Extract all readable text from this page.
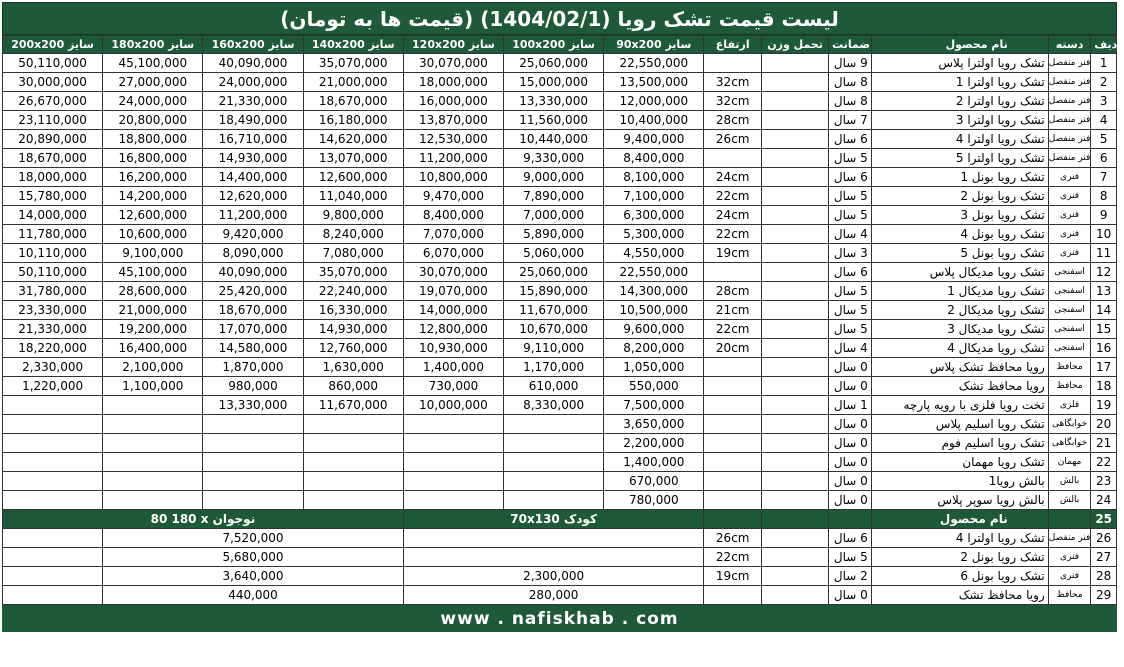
لیست قیمت تشک رویا (1404/02/1) (قیمت ها به تومان)
200x200 سایز	180x200 سایز	160x200 سایز	140x200 سایز	120x200 سایز	100x200 سایز	90x200 سایز	ارتفاع	تحمل وزن	ضمانت	نام محصول	دسته	ردیف
50,110,000	45,100,000	40,090,000	35,070,000	30,070,000	25,060,000	22,550,000			9 سال	تشک رویا اولترا پلاس	فنر منفصل	1
30,000,000	27,000,000	24,000,000	21,000,000	18,000,000	15,000,000	13,500,000	32cm		8 سال	تشک رویا اولترا 1	فنر منفصل	2
26,670,000	24,000,000	21,330,000	18,670,000	16,000,000	13,330,000	12,000,000	32cm		8 سال	تشک رویا اولترا 2	فنر منفصل	3
23,110,000	20,800,000	18,490,000	16,180,000	13,870,000	11,560,000	10,400,000	28cm		7 سال	تشک رویا اولترا 3	فنر منفصل	4
20,890,000	18,800,000	16,710,000	14,620,000	12,530,000	10,440,000	9,400,000	26cm		6 سال	تشک رویا اولترا 4	فنر منفصل	5
18,670,000	16,800,000	14,930,000	13,070,000	11,200,000	9,330,000	8,400,000			5 سال	تشک رویا اولترا 5	فنر منفصل	6
18,000,000	16,200,000	14,400,000	12,600,000	10,800,000	9,000,000	8,100,000	24cm		6 سال	تشک رویا بونل 1	فنری	7
15,780,000	14,200,000	12,620,000	11,040,000	9,470,000	7,890,000	7,100,000	22cm		5 سال	تشک رویا بونل 2	فنری	8
14,000,000	12,600,000	11,200,000	9,800,000	8,400,000	7,000,000	6,300,000	24cm		5 سال	تشک رویا بونل 3	فنری	9
11,780,000	10,600,000	9,420,000	8,240,000	7,070,000	5,890,000	5,300,000	22cm		4 سال	تشک رویا بونل 4	فنری	10
10,110,000	9,100,000	8,090,000	7,080,000	6,070,000	5,060,000	4,550,000	19cm		3 سال	تشک رویا بونل 5	فنری	11
50,110,000	45,100,000	40,090,000	35,070,000	30,070,000	25,060,000	22,550,000			6 سال	تشک رویا مدیکال پلاس	اسفنجی	12
31,780,000	28,600,000	25,420,000	22,240,000	19,070,000	15,890,000	14,300,000	28cm		5 سال	تشک رویا مدیکال 1	اسفنجی	13
23,330,000	21,000,000	18,670,000	16,330,000	14,000,000	11,670,000	10,500,000	21cm		5 سال	تشک رویا مدیکال 2	اسفنجی	14
21,330,000	19,200,000	17,070,000	14,930,000	12,800,000	10,670,000	9,600,000	22cm		5 سال	تشک رویا مدیکال 3	اسفنجی	15
18,220,000	16,400,000	14,580,000	12,760,000	10,930,000	9,110,000	8,200,000	20cm		4 سال	تشک رویا مدیکال 4	اسفنجی	16
2,330,000	2,100,000	1,870,000	1,630,000	1,400,000	1,170,000	1,050,000			0 سال	رویا محافظ تشک پلاس	محافظ	17
1,220,000	1,100,000	980,000	860,000	730,000	610,000	550,000			0 سال	رویا محافظ تشک	محافظ	18
		13,330,000	11,670,000	10,000,000	8,330,000	7,500,000			1 سال	تخت رویا فلزی با رویه پارچه	فلزی	19
						3,650,000			0 سال	تشک رویا اسلیم پلاس	خوابگاهی	20
						2,200,000			0 سال	تشک رویا اسلیم فوم	خوابگاهی	21
						1,400,000			0 سال	تشک رویا مهمان	مهمان	22
						670,000			0 سال	بالش رویا1	بالش	23
						780,000			0 سال	بالش رویا سوپر پلاس	بالش	24
80 180 x نوجوان				70x130 کودک						نام محصول		25
	7,520,000						26cm		6 سال	تشک رویا اولترا 4	فنر منفصل	26
	5,680,000						22cm		5 سال	تشک رویا بونل 2	فنری	27
	3,640,000			2,300,000			19cm		2 سال	تشک رویا بونل 6	فنری	28
	440,000			280,000					0 سال	رویا محافظ تشک	محافظ	29
www . nafiskhab . com
